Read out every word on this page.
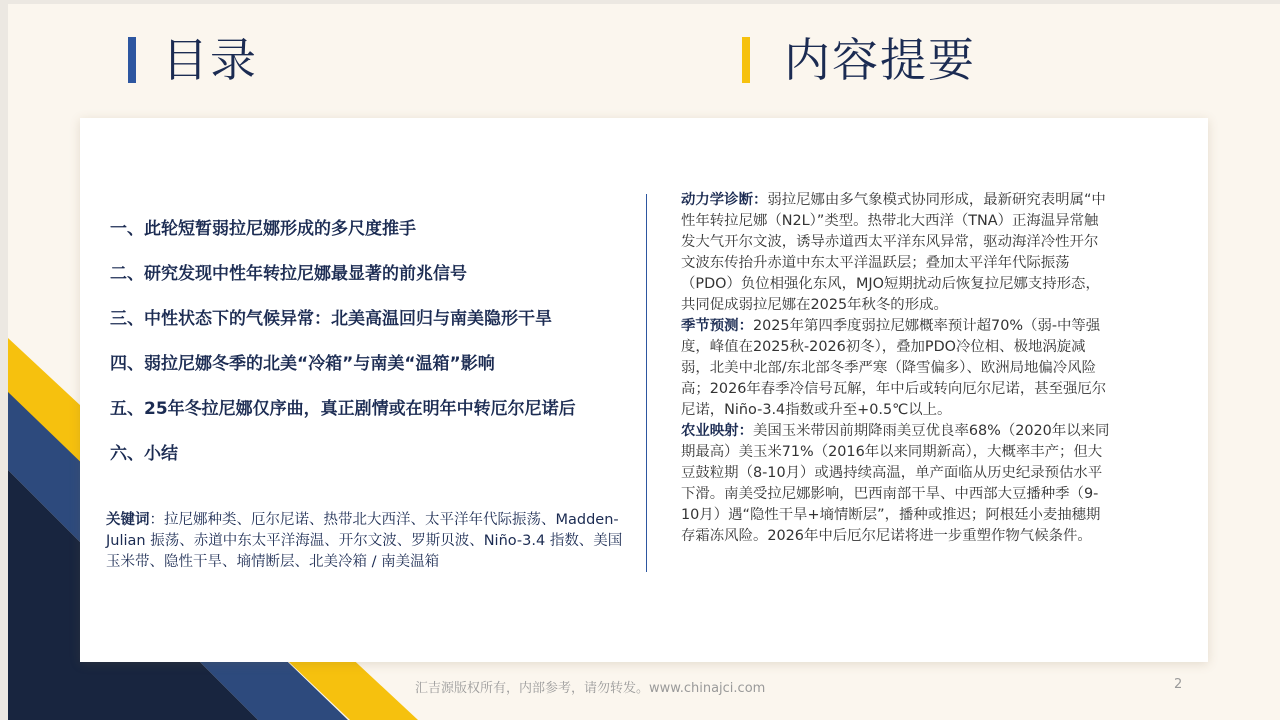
目录	内容提要
一、此轮短暂弱拉尼娜形成的多尺度推手
二、研究发现中性年转拉尼娜最显著的前兆信号
三、中性状态下的气候异常：北美高温回归与南美隐形干旱
四、弱拉尼娜冬季的北美“冷箱”与南美“温箱”影响
五、25年冬拉尼娜仅序曲，真正剧情或在明年中转厄尔尼诺后
六、小结

关键词：拉尼娜种类、厄尔尼诺、热带北大西洋、太平洋年代际振荡、Madden-Julian 振荡、赤道中东太平洋海温、开尔文波、罗斯贝波、Niño-3.4 指数、美国玉米带、隐性干旱、墒情断层、北美冷箱 / 南美温箱

动力学诊断：弱拉尼娜由多气象模式协同形成，最新研究表明属“中性年转拉尼娜（N2L）”类型。热带北大西洋（TNA）正海温异常触发大气开尔文波，诱导赤道西太平洋东风异常，驱动海洋冷性开尔文波东传抬升赤道中东太平洋温跃层；叠加太平洋年代际振荡（PDO）负位相强化东风，MJO短期扰动后恢复拉尼娜支持形态，共同促成弱拉尼娜在2025年秋冬的形成。

季节预测：2025年第四季度弱拉尼娜概率预计超70%（弱-中等强度，峰值在2025秋-2026初冬），叠加PDO冷位相、极地涡旋减弱，北美中北部/东北部冬季严寒（降雪偏多）、欧洲局地偏冷风险高；2026年春季冷信号瓦解，年中后或转向厄尔尼诺，甚至强厄尔尼诺，Niño-3.4指数或升至+0.5℃以上。

农业映射：美国玉米带因前期降雨美豆优良率68%（2020年以来同期最高）美玉米71%（2016年以来同期新高），大概率丰产；但大豆鼓粒期（8-10月）或遇持续高温，单产面临从历史纪录预估水平下滑。南美受拉尼娜影响，巴西南部干旱、中西部大豆播种季（9-10月）遇“隐性干旱+墒情断层”，播种或推迟；阿根廷小麦抽穗期存霜冻风险。2026年中后厄尔尼诺将进一步重塑作物气候条件。

汇吉源版权所有，内部参考，请勿转发。www.chinajci.com	2
